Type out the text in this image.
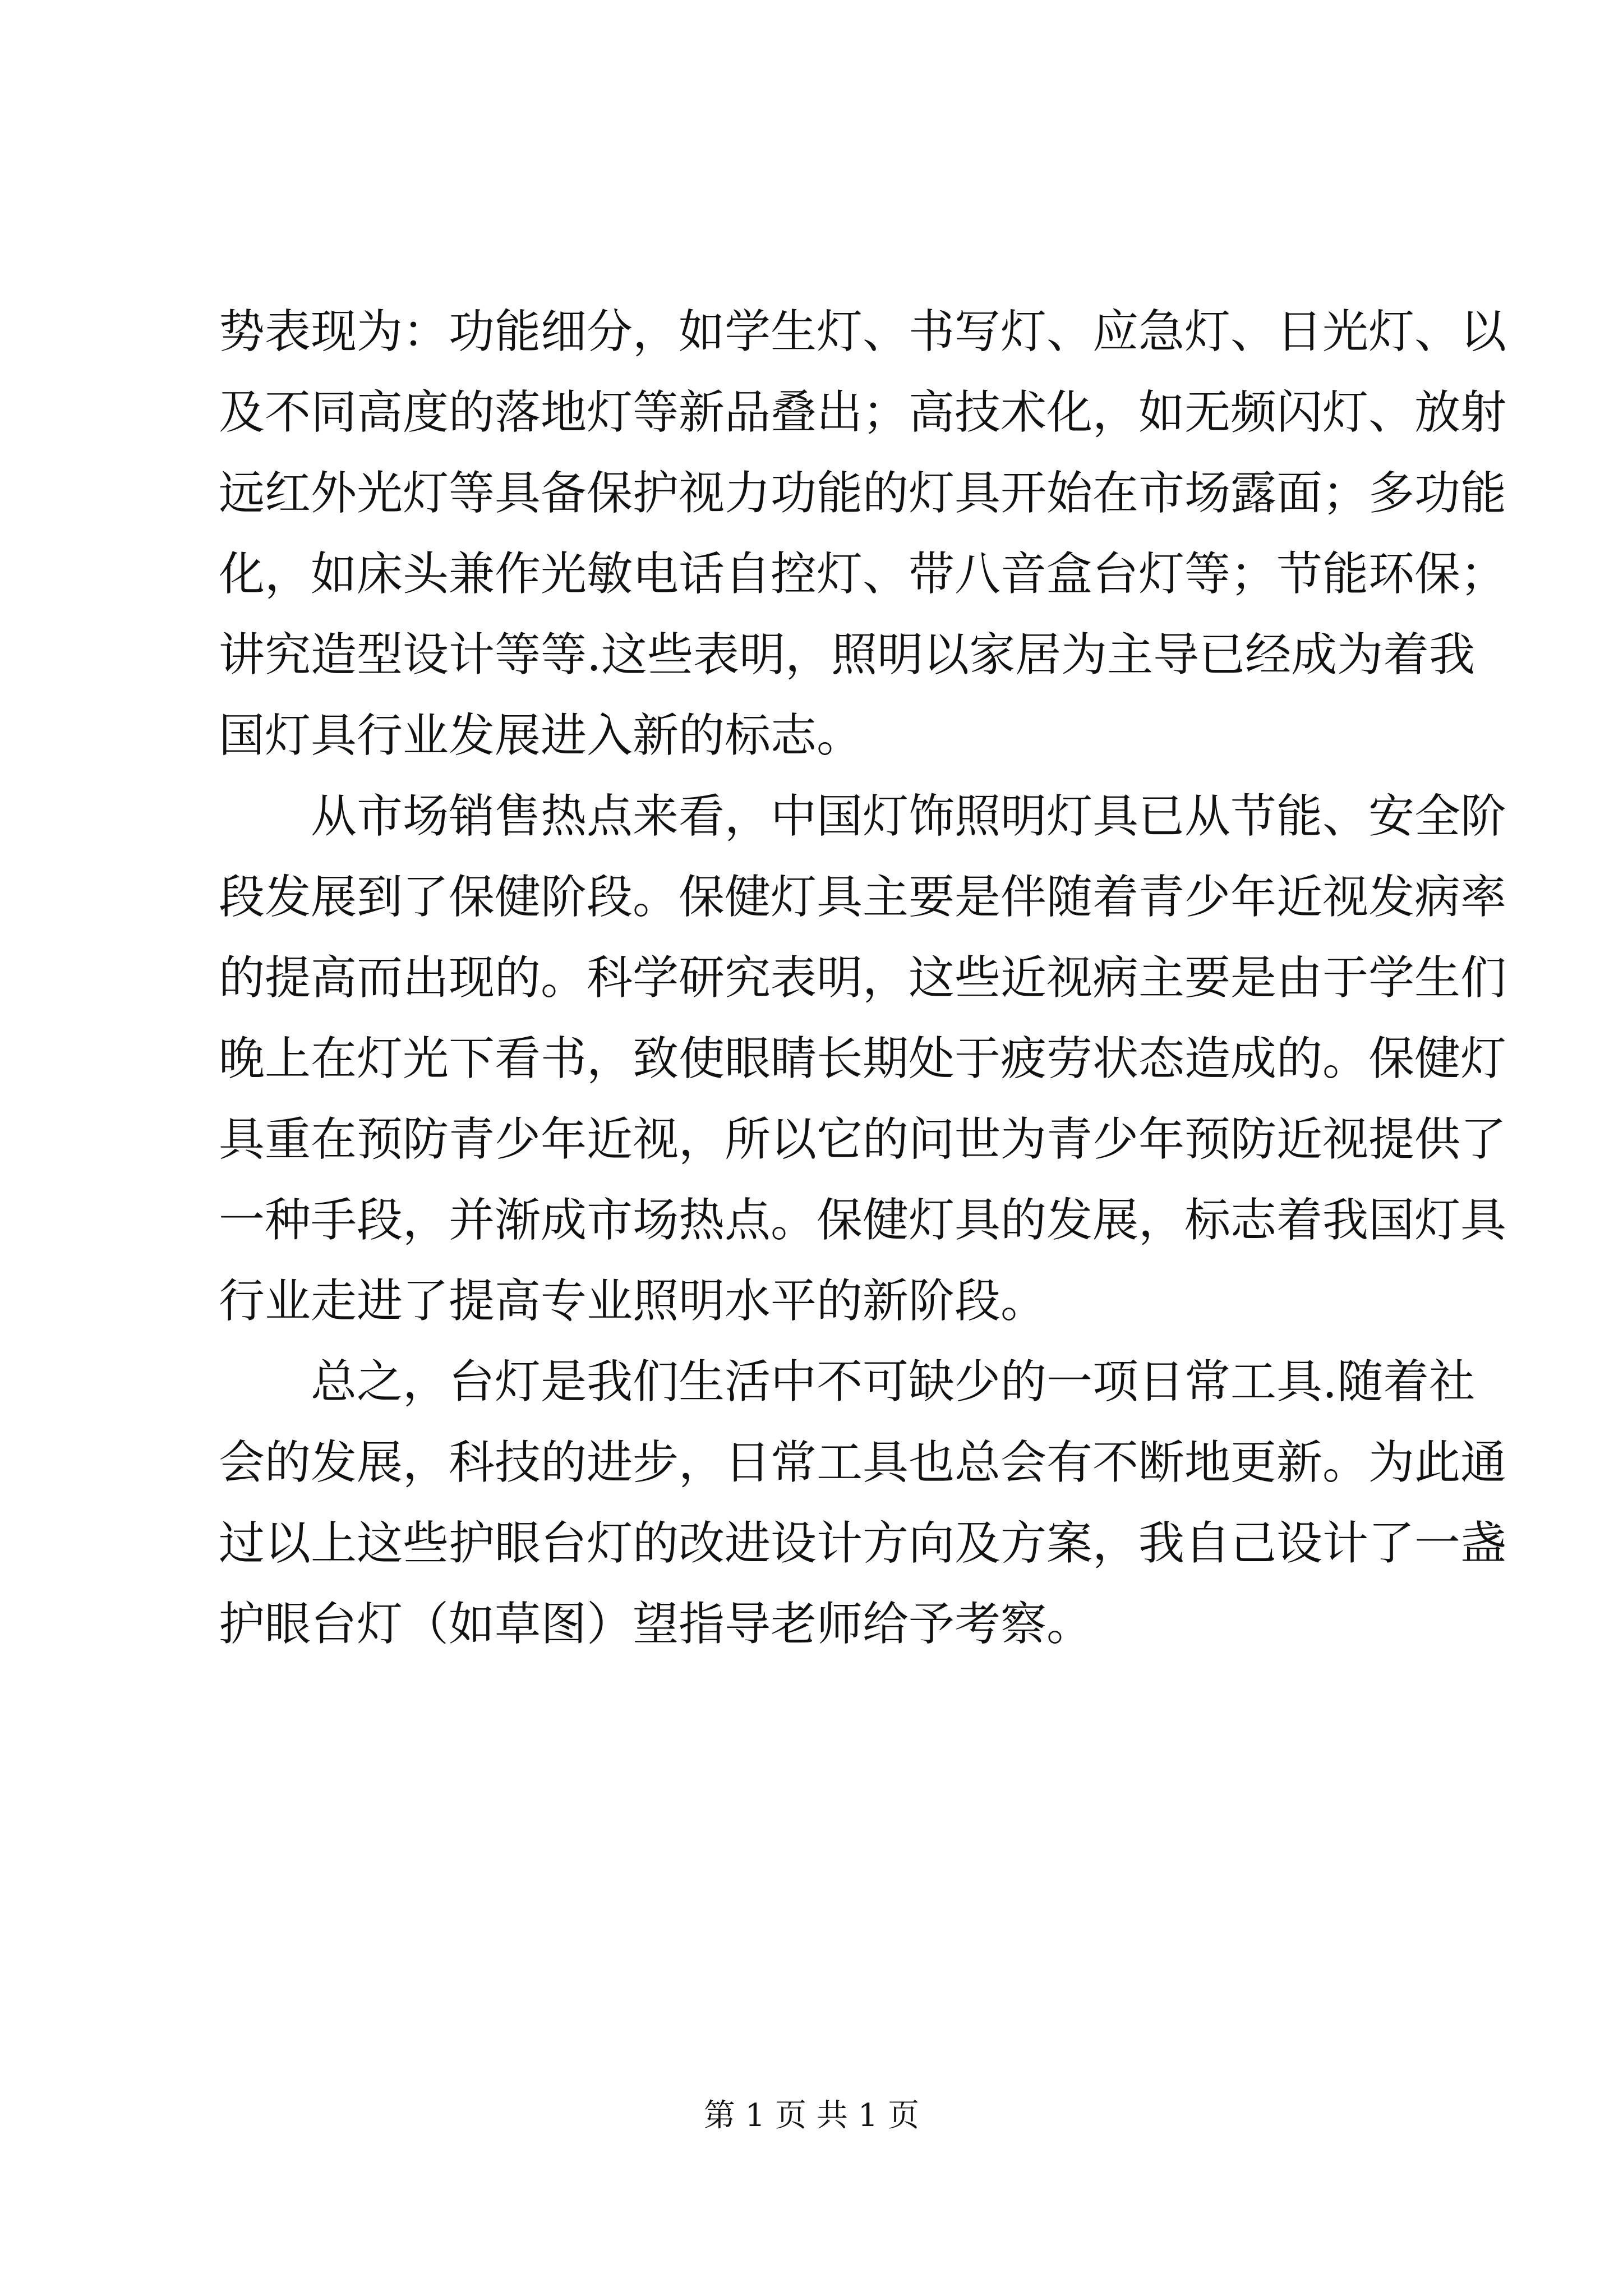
势表现为：功能细分，如学生灯、书写灯、应急灯、日光灯、以
及不同高度的落地灯等新品叠出；高技术化，如无频闪灯、放射
远红外光灯等具备保护视力功能的灯具开始在市场露面；多功能
化，如床头兼作光敏电话自控灯、带八音盒台灯等；节能环保；
讲究造型设计等等.这些表明，照明以家居为主导已经成为着我
国灯具行业发展进入新的标志。
从市场销售热点来看，中国灯饰照明灯具已从节能、安全阶
段发展到了保健阶段。保健灯具主要是伴随着青少年近视发病率
的提高而出现的。科学研究表明，这些近视病主要是由于学生们
晚上在灯光下看书，致使眼睛长期处于疲劳状态造成的。保健灯
具重在预防青少年近视，所以它的问世为青少年预防近视提供了
一种手段，并渐成市场热点。保健灯具的发展，标志着我国灯具
行业走进了提高专业照明水平的新阶段。
总之，台灯是我们生活中不可缺少的一项日常工具.随着社
会的发展，科技的进步，日常工具也总会有不断地更新。为此通
过以上这些护眼台灯的改进设计方向及方案，我自己设计了一盏
护眼台灯（如草图）望指导老师给予考察。
第 1 页 共 1 页
